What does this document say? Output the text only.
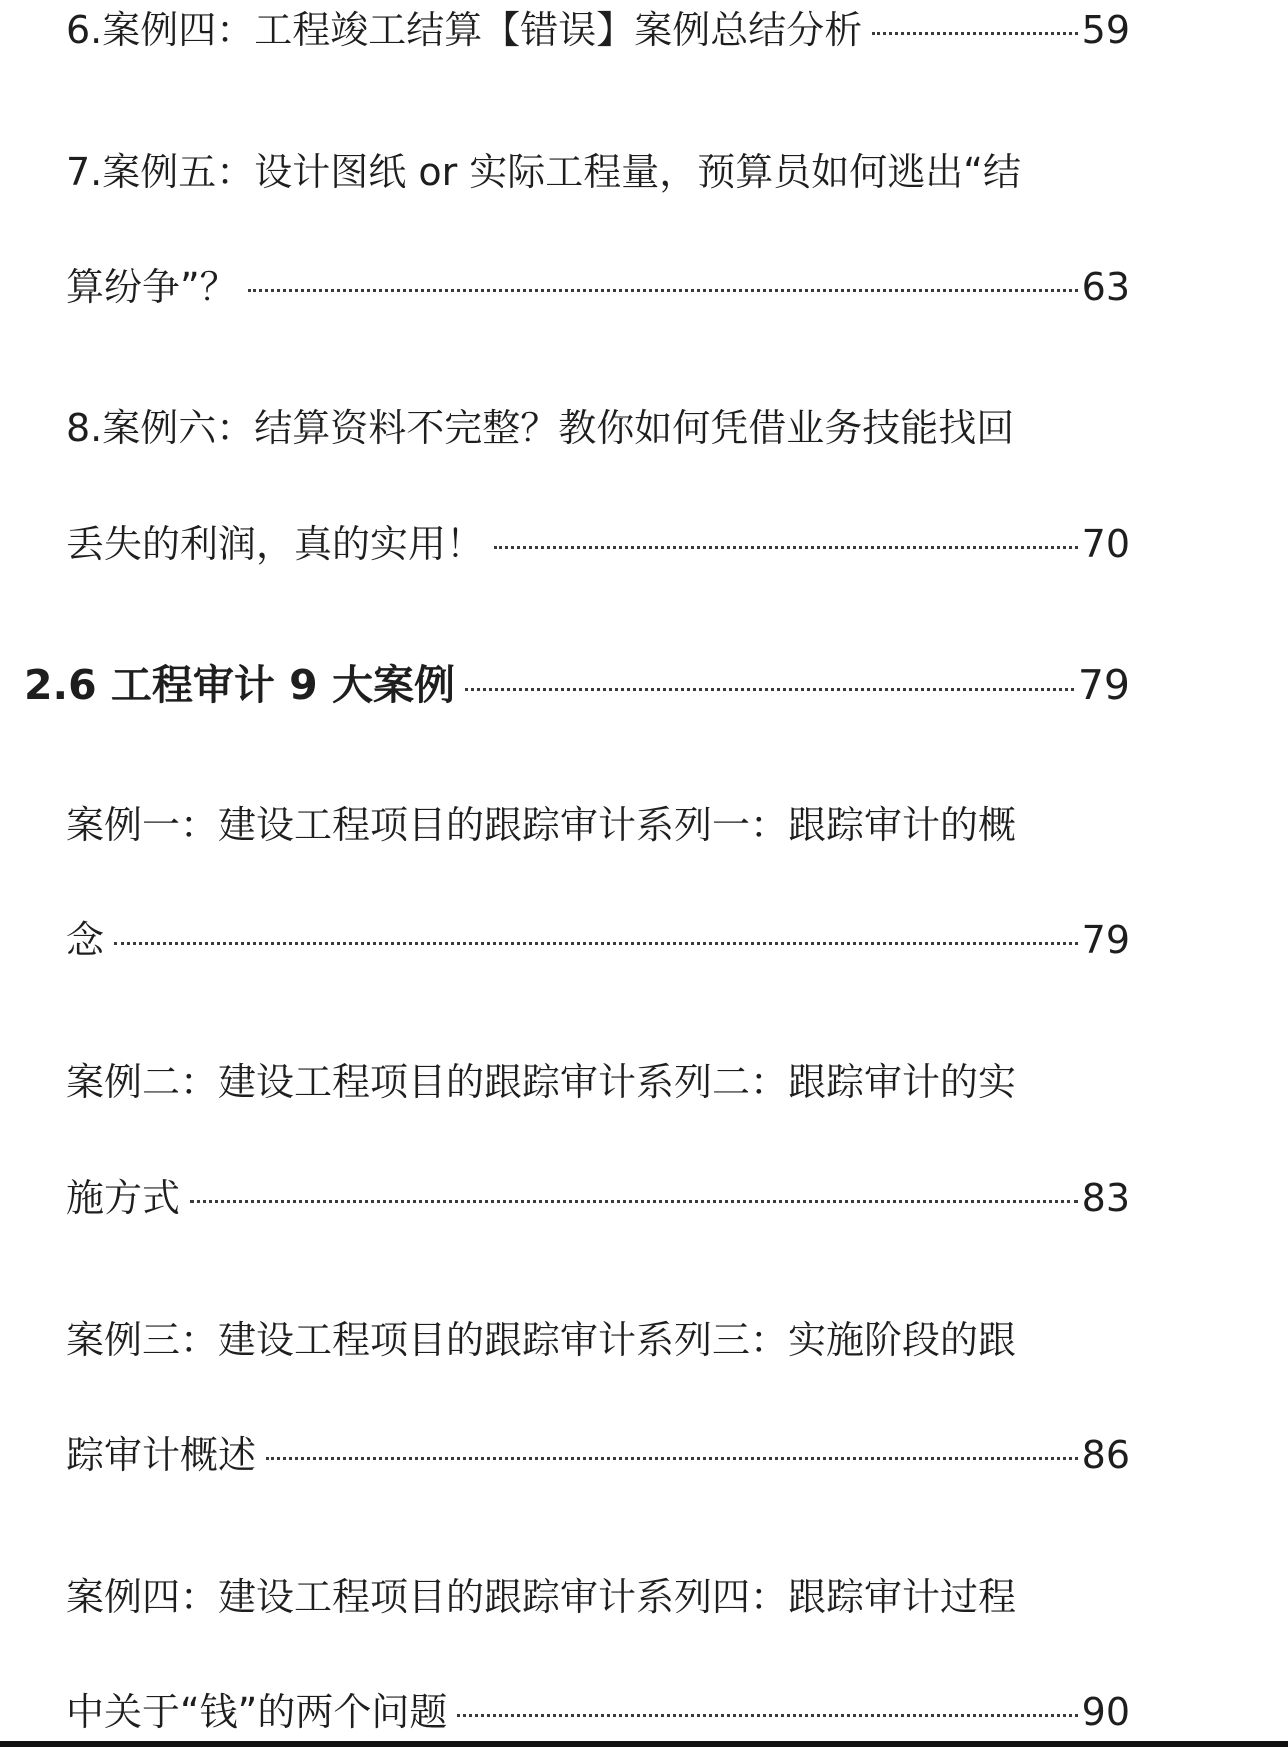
6.案例四：工程竣工结算【错误】案例总结分析	59
7.案例五：设计图纸 or 实际工程量，预算员如何逃出“结
算纷争”？	63
8.案例六：结算资料不完整？教你如何凭借业务技能找回
丢失的利润，真的实用！	70
2.6 工程审计 9 大案例	79
案例一：建设工程项目的跟踪审计系列一：跟踪审计的概
念	79
案例二：建设工程项目的跟踪审计系列二：跟踪审计的实
施方式	83
案例三：建设工程项目的跟踪审计系列三：实施阶段的跟
踪审计概述	86
案例四：建设工程项目的跟踪审计系列四：跟踪审计过程
中关于“钱”的两个问题	90
